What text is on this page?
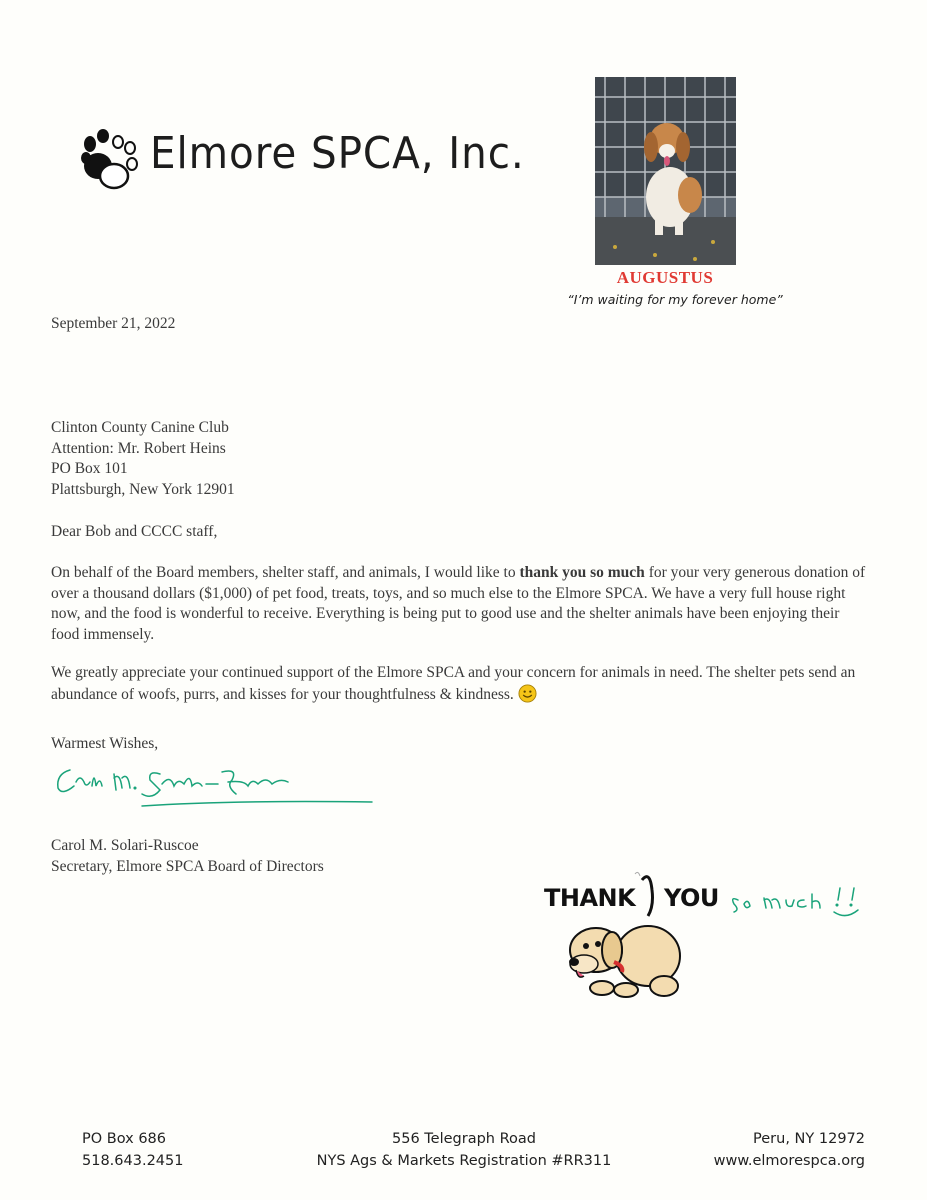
Elmore SPCA, Inc.
AUGUSTUS
“I’m waiting for my forever home”
September 21, 2022
Clinton County Canine Club
Attention: Mr. Robert Heins
PO Box 101
Plattsburgh, New York 12901
Dear Bob and CCCC staff,
On behalf of the Board members, shelter staff, and animals, I would like to thank you so much for your very generous donation of over a thousand dollars ($1,000) of pet food, treats, toys, and so much else to the Elmore SPCA. We have a very full house right now, and the food is wonderful to receive. Everything is being put to good use and the shelter animals have been enjoying their food immensely.
We greatly appreciate your continued support of the Elmore SPCA and your concern for animals in need. The shelter pets send an abundance of woofs, purrs, and kisses for your thoughtfulness & kindness.
Warmest Wishes,
Carol M. Solari-Ruscoe
Secretary, Elmore SPCA Board of Directors
THANK YOU
PO Box 686
518.643.2451
556 Telegraph Road
NYS Ags & Markets Registration #RR311
Peru, NY 12972
www.elmorespca.org
